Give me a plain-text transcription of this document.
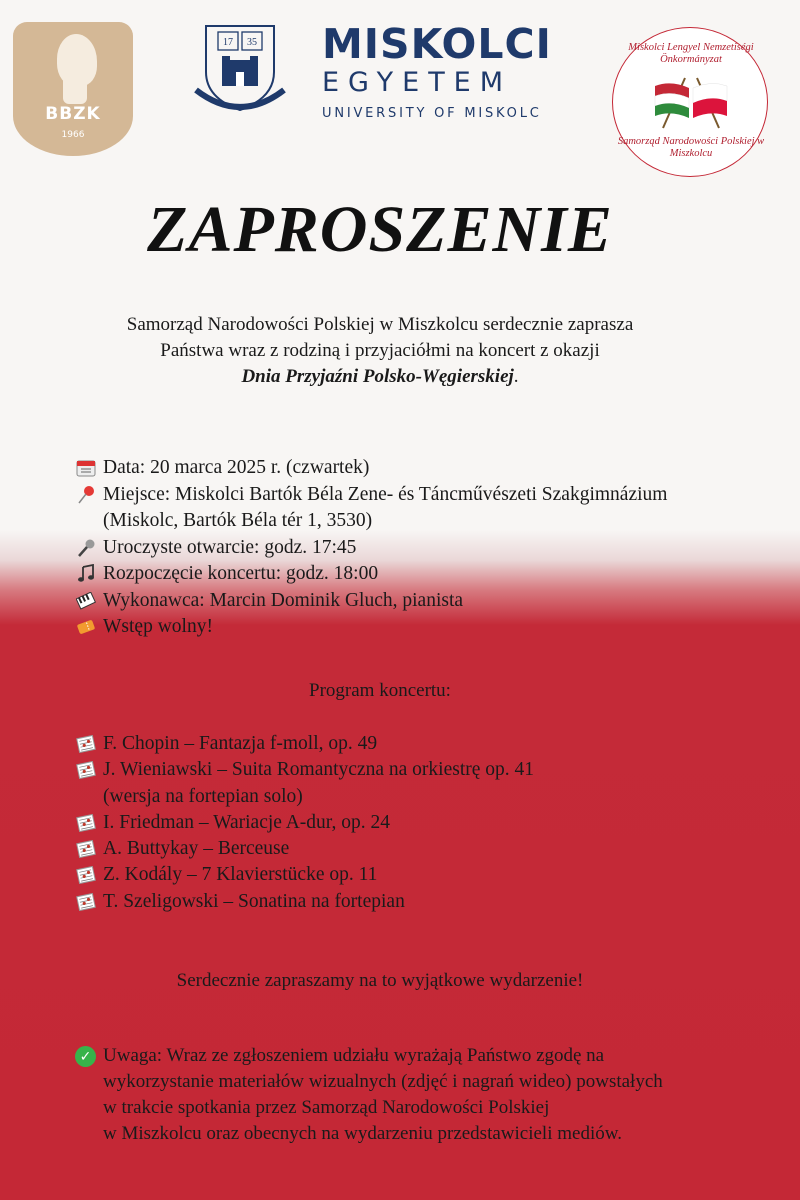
BBZK
1966
17 35 MISKOLCI
EGYETEM
UNIVERSITY OF MISKOLC
Miskolci Lengyel Nemzetiségi Önkormányzat
Samorząd Narodowości Polskiej w Miszkolcu
ZAPROSZENIE
Samorząd Narodowości Polskiej w Miszkolcu serdecznie zaprasza
Państwa wraz z rodziną i przyjaciółmi na koncert z okazji
Dnia Przyjaźni Polsko-Węgierskiej.
Data: 20 marca 2025 r. (czwartek)
Miejsce: Miskolci Bartók Béla Zene- és Táncművészeti Szakgimnázium
(Miskolc, Bartók Béla tér 1, 3530)
Uroczyste otwarcie: godz. 17:45
Rozpoczęcie koncertu: godz. 18:00
Wykonawca: Marcin Dominik Gluch, pianista
Wstęp wolny!
Program koncertu:
F. Chopin – Fantazja f-moll, op. 49
J. Wieniawski – Suita Romantyczna na orkiestrę op. 41
(wersja na fortepian solo)
I. Friedman – Wariacje A-dur, op. 24
A. Buttykay – Berceuse
Z. Kodály – 7 Klavierstücke op. 11
T. Szeligowski – Sonatina na fortepian
Serdecznie zapraszamy na to wyjątkowe wydarzenie!
✓ Uwaga: Wraz ze zgłoszeniem udziału wyrażają Państwo zgodę na

wykorzystanie materiałów wizualnych (zdjęć i nagrań wideo) powstałych

w trakcie spotkania przez Samorząd Narodowości Polskiej

w Miszkolcu oraz obecnych na wydarzeniu przedstawicieli mediów.
